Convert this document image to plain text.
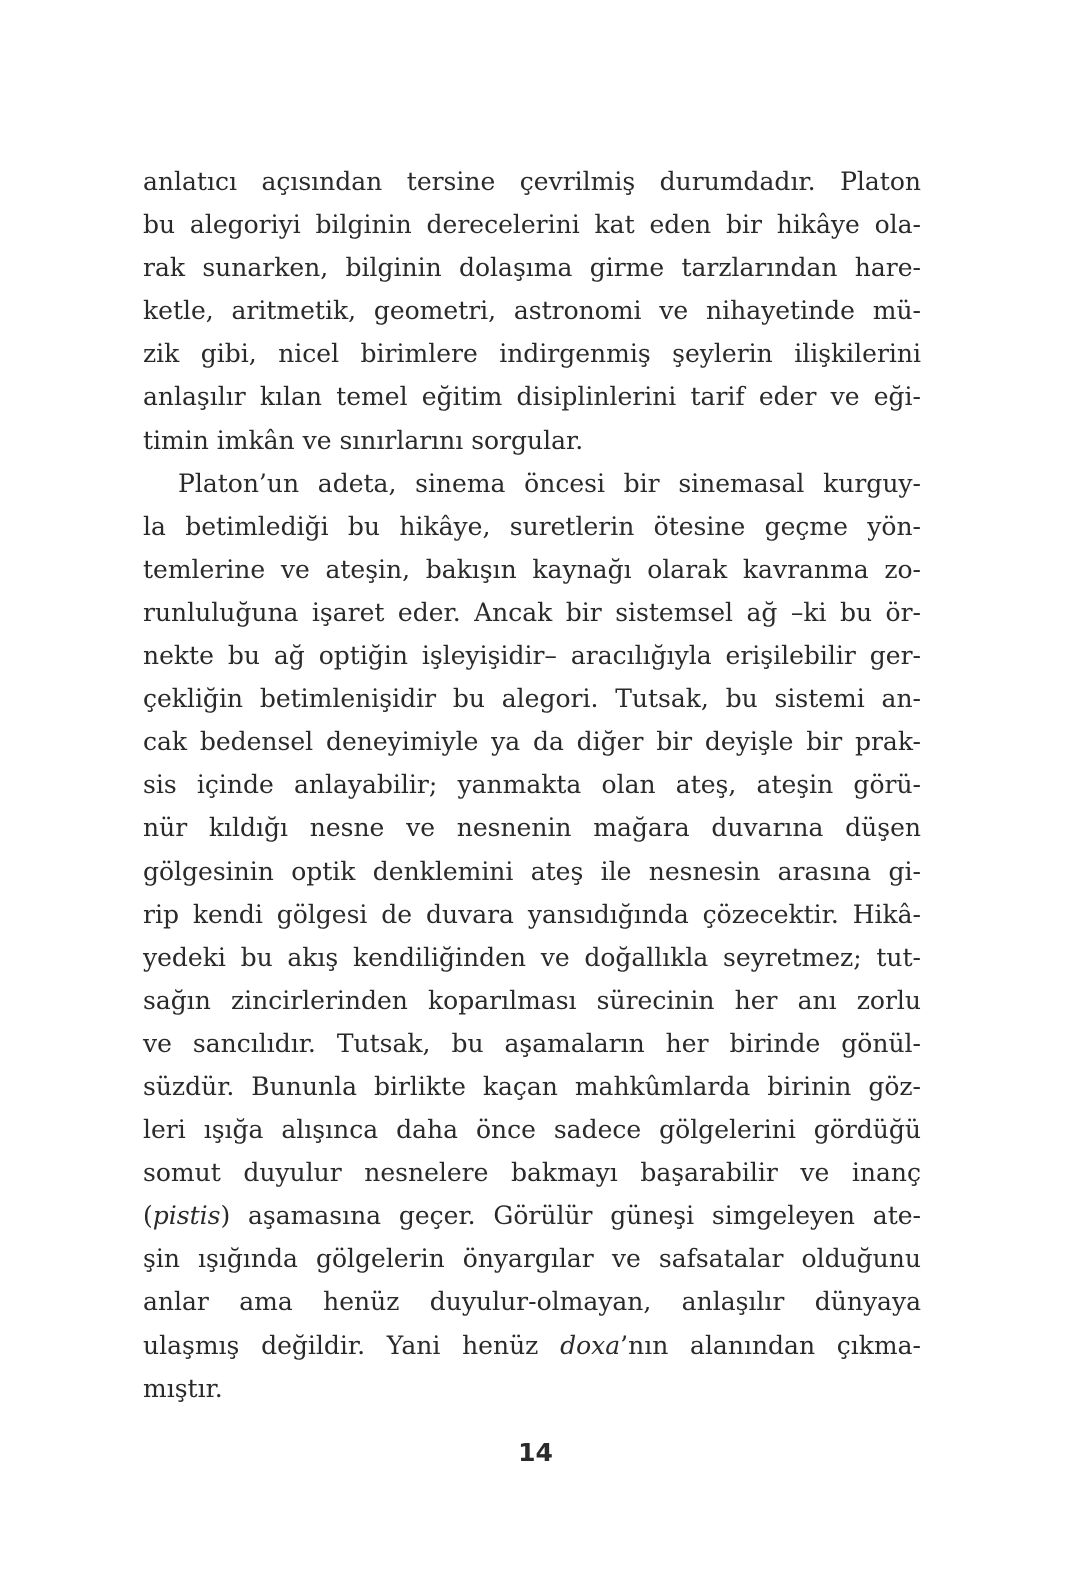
anlatıcı açısından tersine çevrilmiş durumdadır. Platon
bu alegoriyi bilginin derecelerini kat eden bir hikâye ola-
rak sunarken, bilginin dolaşıma girme tarzlarından hare-
ketle, aritmetik, geometri, astronomi ve nihayetinde mü-
zik gibi, nicel birimlere indirgenmiş şeylerin ilişkilerini
anlaşılır kılan temel eğitim disiplinlerini tarif eder ve eği-
timin imkân ve sınırlarını sorgular.
Platon’un adeta, sinema öncesi bir sinemasal kurguy-
la betimlediği bu hikâye, suretlerin ötesine geçme yön-
temlerine ve ateşin, bakışın kaynağı olarak kavranma zo-
runluluğuna işaret eder. Ancak bir sistemsel ağ –ki bu ör-
nekte bu ağ optiğin işleyişidir– aracılığıyla erişilebilir ger-
çekliğin betimlenişidir bu alegori. Tutsak, bu sistemi an-
cak bedensel deneyimiyle ya da diğer bir deyişle bir prak-
sis içinde anlayabilir; yanmakta olan ateş, ateşin görü-
nür kıldığı nesne ve nesnenin mağara duvarına düşen
gölgesinin optik denklemini ateş ile nesnesin arasına gi-
rip kendi gölgesi de duvara yansıdığında çözecektir. Hikâ-
yedeki bu akış kendiliğinden ve doğallıkla seyretmez; tut-
sağın zincirlerinden koparılması sürecinin her anı zorlu
ve sancılıdır. Tutsak, bu aşamaların her birinde gönül-
süzdür. Bununla birlikte kaçan mahkûmlarda birinin göz-
leri ışığa alışınca daha önce sadece gölgelerini gördüğü
somut duyulur nesnelere bakmayı başarabilir ve inanç
(pistis) aşamasına geçer. Görülür güneşi simgeleyen ate-
şin ışığında gölgelerin önyargılar ve safsatalar olduğunu
anlar ama henüz duyulur-olmayan, anlaşılır dünyaya
ulaşmış değildir. Yani henüz doxa’nın alanından çıkma-
mıştır.
14
